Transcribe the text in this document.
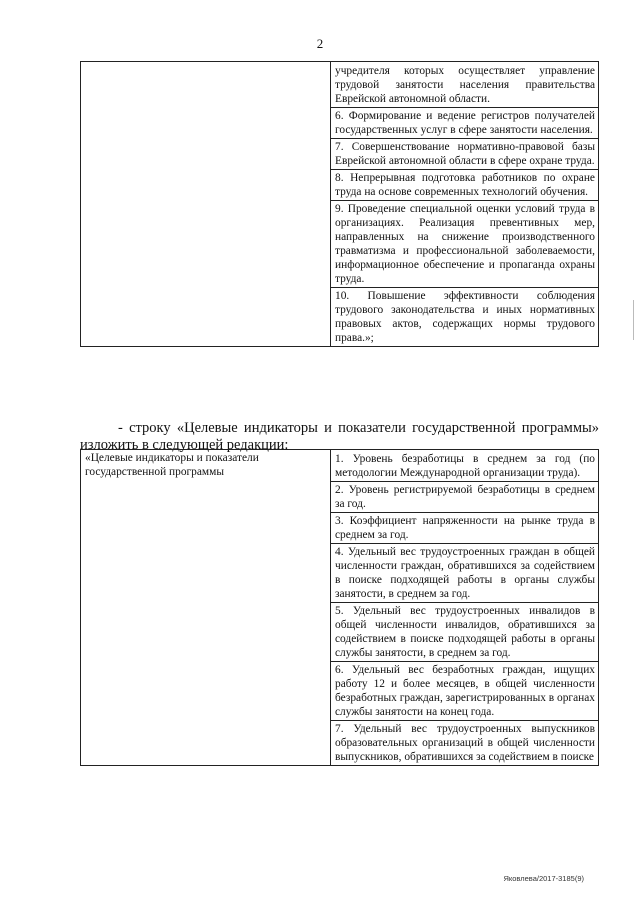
2

учредителя которых осуществляет управление трудовой занятости населения правительства Еврейской автономной области.
6. Формирование и ведение регистров получателей государственных услуг в сфере занятости населения.
7. Совершенствование нормативно-правовой базы Еврейской автономной области в сфере охране труда.
8. Непрерывная подготовка работников по охране труда на основе современных технологий обучения.
9. Проведение специальной оценки условий труда в организациях. Реализация превентивных мер, направленных на снижение производственного травматизма и профессиональной заболеваемости, информационное обеспечение и пропаганда охраны труда.
10. Повышение эффективности соблюдения трудового законодательства и иных нормативных правовых актов, содержащих нормы трудового права.»;
- строку «Целевые индикаторы и показатели государственной программы» изложить в следующей редакции:
«Целевые индикаторы и показатели государственной программы

1. Уровень безработицы в среднем за год (по методологии Международной организации труда).
2. Уровень регистрируемой безработицы в среднем за год.
3. Коэффициент напряженности на рынке труда в среднем за год.
4. Удельный вес трудоустроенных граждан в общей численности граждан, обратившихся за содействием в поиске подходящей работы в органы службы занятости, в среднем за год.
5. Удельный вес трудоустроенных инвалидов в общей численности инвалидов, обратившихся за содействием в поиске подходящей работы в органы службы занятости, в среднем за год.
6. Удельный вес безработных граждан, ищущих работу 12 и более месяцев, в общей численности безработных граждан, зарегистрированных в органах службы занятости на конец года.
7. Удельный вес трудоустроенных выпускников образовательных организаций в общей численности выпускников, обратившихся за содействием в поиске
Яковлева/2017-3185(9)
